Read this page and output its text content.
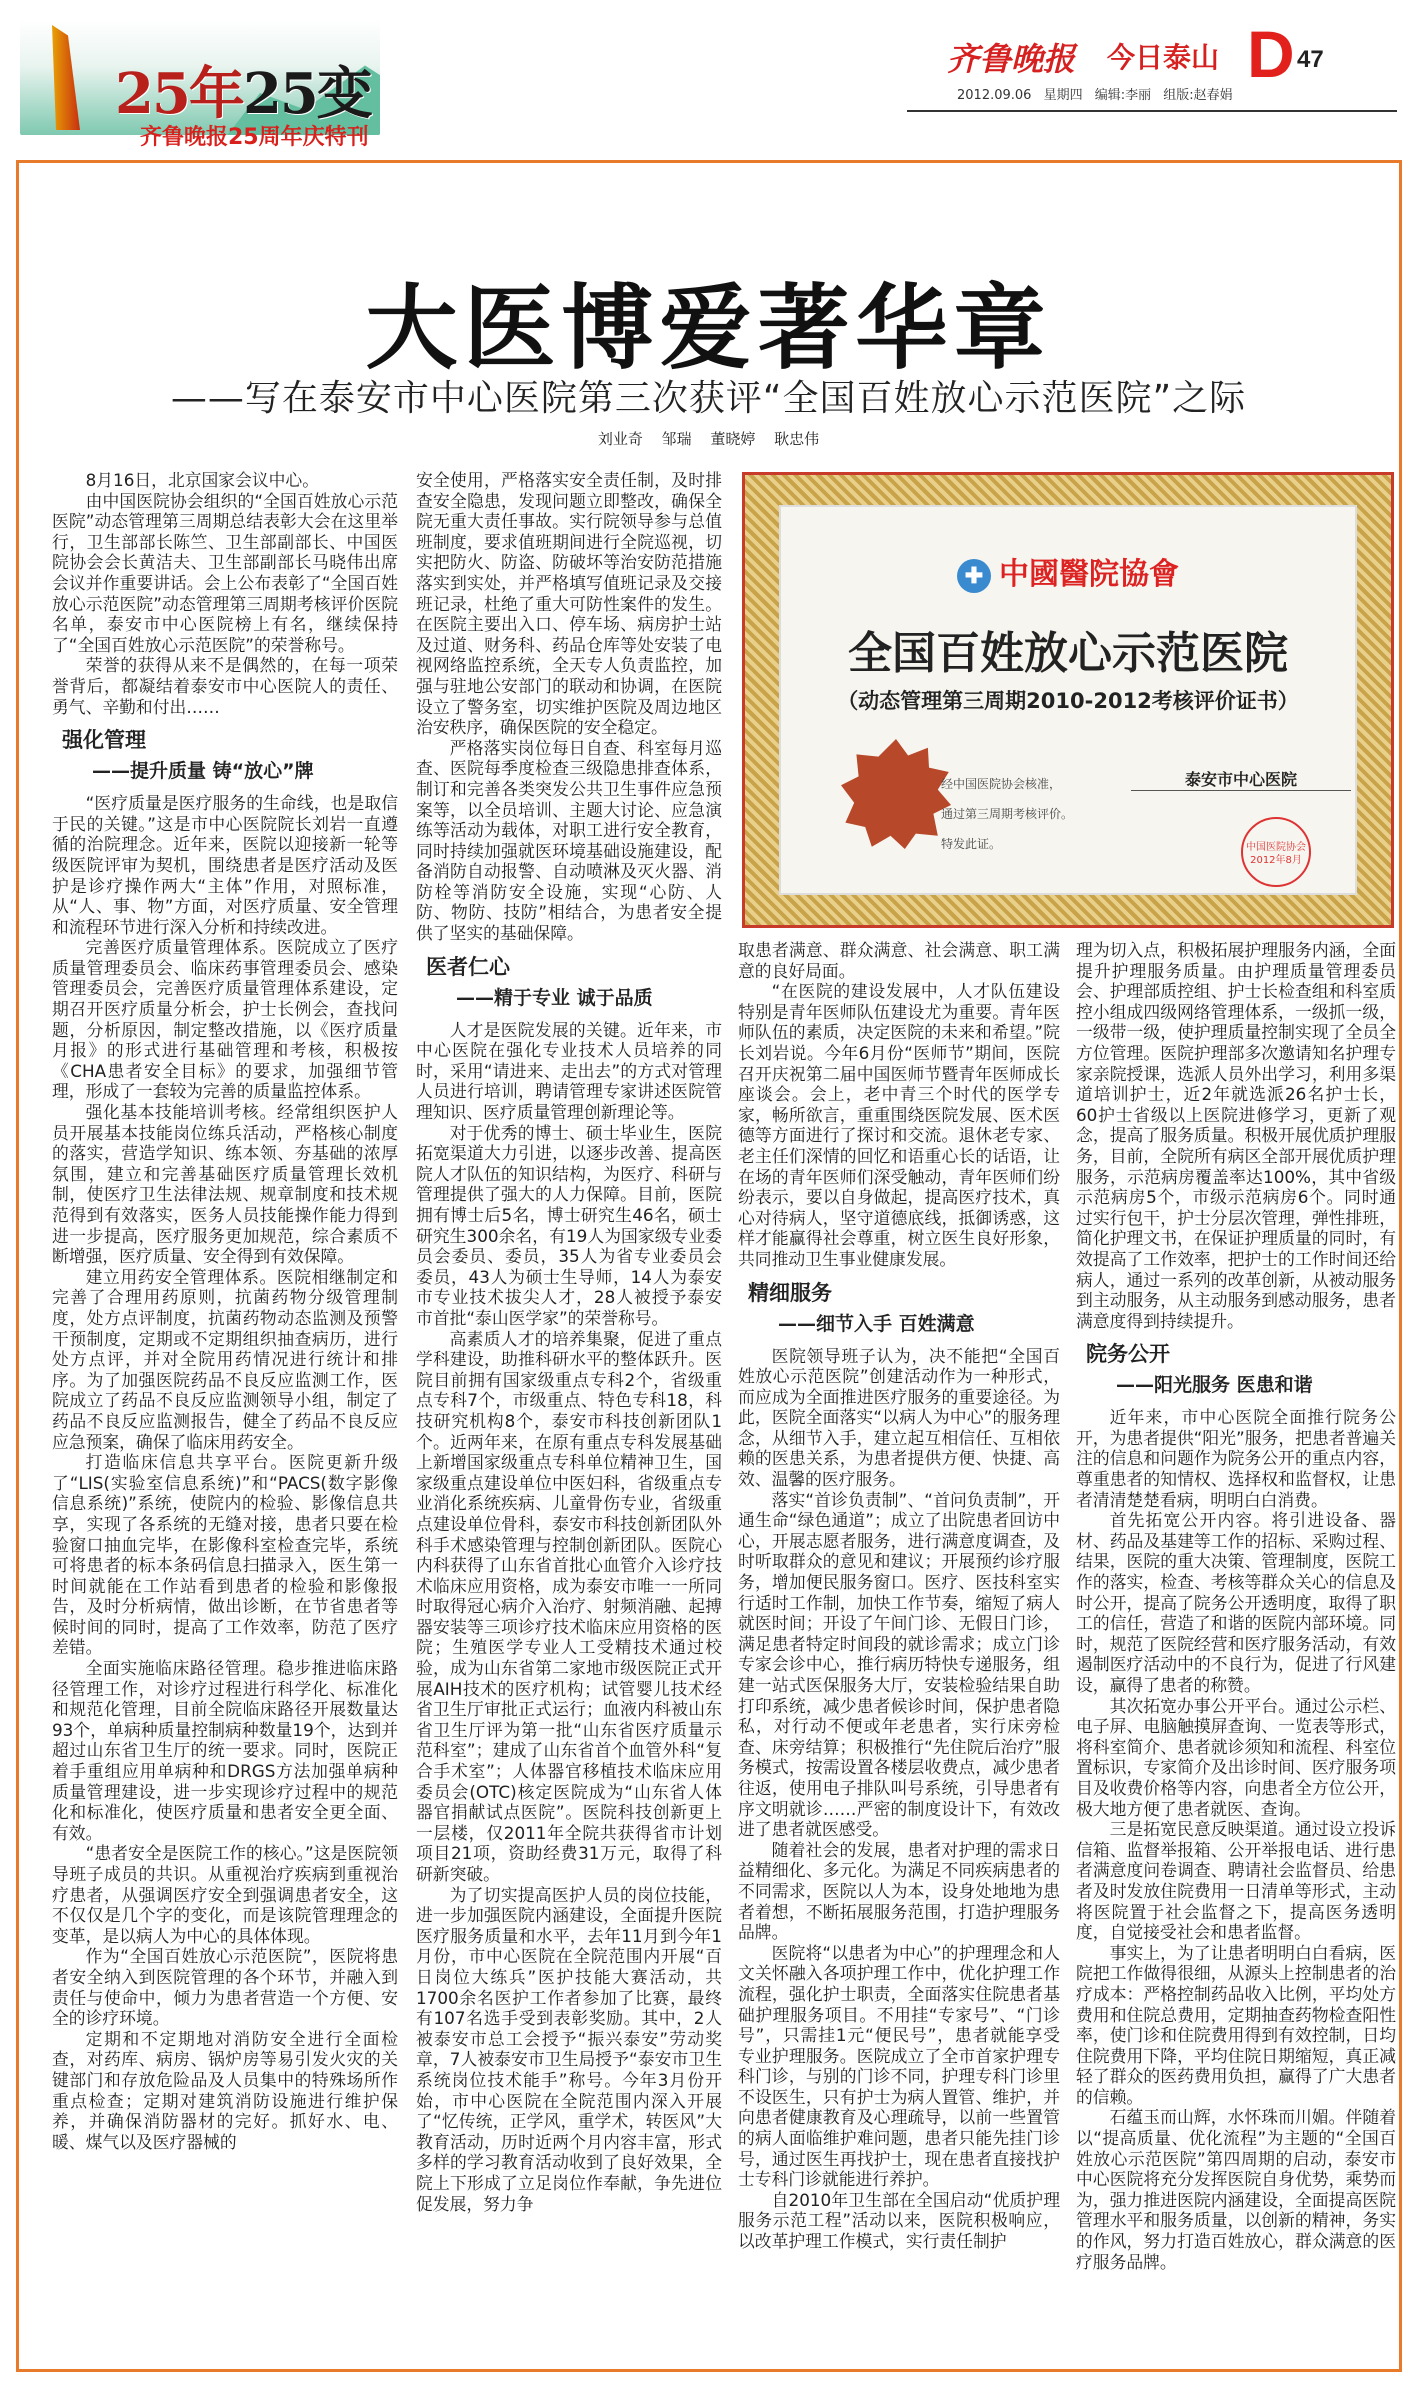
25年25变
齐鲁晚报25周年庆特刊
齐鲁晚报 今日泰山 D 47
2012.09.06 星期四 编辑:李丽 组版:赵春娟
大医博爱著华章
——写在泰安市中心医院第三次获评“全国百姓放心示范医院”之际
刘业奇 邹瑞 董晓婷 耿忠伟
✚ 中國醫院協會
全国百姓放心示范医院
（动态管理第三周期2010-2012考核评价证书）
经中国医院协会核准，
通过第三周期考核评价。
特发此证。
泰安市中心医院
中国医院协会 2012年8月

8月16日，北京国家会议中心。

由中国医院协会组织的“全国百姓放心示范医院”动态管理第三周期总结表彰大会在这里举行，卫生部部长陈竺、卫生部副部长、中国医院协会会长黄洁夫、卫生部副部长马晓伟出席会议并作重要讲话。会上公布表彰了“全国百姓放心示范医院”动态管理第三周期考核评价医院名单，泰安市中心医院榜上有名，继续保持了“全国百姓放心示范医院”的荣誉称号。

荣誉的获得从来不是偶然的，在每一项荣誉背后，都凝结着泰安市中心医院人的责任、勇气、辛勤和付出……

强化管理
——提升质量 铸“放心”牌

“医疗质量是医疗服务的生命线，也是取信于民的关键。”这是市中心医院院长刘岩一直遵循的治院理念。近年来，医院以迎接新一轮等级医院评审为契机，围绕患者是医疗活动及医护是诊疗操作两大“主体”作用，对照标准，从“人、事、物”方面，对医疗质量、安全管理和流程环节进行深入分析和持续改进。

完善医疗质量管理体系。医院成立了医疗质量管理委员会、临床药事管理委员会、感染管理委员会，完善医疗质量管理体系建设，定期召开医疗质量分析会，护士长例会，查找问题，分析原因，制定整改措施，以《医疗质量月报》的形式进行基础管理和考核，积极按《CHA患者安全目标》的要求，加强细节管理，形成了一套较为完善的质量监控体系。

强化基本技能培训考核。经常组织医护人员开展基本技能岗位练兵活动，严格核心制度的落实，营造学知识、练本领、夯基础的浓厚氛围，建立和完善基础医疗质量管理长效机制，使医疗卫生法律法规、规章制度和技术规范得到有效落实，医务人员技能操作能力得到进一步提高，医疗服务更加规范，综合素质不断增强，医疗质量、安全得到有效保障。

建立用药安全管理体系。医院相继制定和完善了合理用药原则，抗菌药物分级管理制度，处方点评制度，抗菌药物动态监测及预警干预制度，定期或不定期组织抽查病历，进行处方点评，并对全院用药情况进行统计和排序。为了加强医院药品不良反应监测工作，医院成立了药品不良反应监测领导小组，制定了药品不良反应监测报告，健全了药品不良反应应急预案，确保了临床用药安全。

打造临床信息共享平台。医院更新升级了“LIS(实验室信息系统)”和“PACS(数字影像信息系统)”系统，使院内的检验、影像信息共享，实现了各系统的无缝对接，患者只要在检验窗口抽血完毕，在影像科室检查完毕，系统可将患者的标本条码信息扫描录入，医生第一时间就能在工作站看到患者的检验和影像报告，及时分析病情，做出诊断，在节省患者等候时间的同时，提高了工作效率，防范了医疗差错。

全面实施临床路径管理。稳步推进临床路径管理工作，对诊疗过程进行科学化、标准化和规范化管理，目前全院临床路径开展数量达93个，单病种质量控制病种数量19个，达到并超过山东省卫生厅的统一要求。同时，医院正着手重组应用单病种和DRGS方法加强单病种质量管理建设，进一步实现诊疗过程中的规范化和标准化，使医疗质量和患者安全更全面、有效。

“患者安全是医院工作的核心。”这是医院领导班子成员的共识。从重视治疗疾病到重视治疗患者，从强调医疗安全到强调患者安全，这不仅仅是几个字的变化，而是该院管理理念的变革，是以病人为中心的具体体现。

作为“全国百姓放心示范医院”，医院将患者安全纳入到医院管理的各个环节，并融入到责任与使命中，倾力为患者营造一个方便、安全的诊疗环境。

定期和不定期地对消防安全进行全面检查，对药库、病房、锅炉房等易引发火灾的关键部门和存放危险品及人员集中的特殊场所作重点检查；定期对建筑消防设施进行维护保养，并确保消防器材的完好。抓好水、电、暖、煤气以及医疗器械的

安全使用，严格落实安全责任制，及时排查安全隐患，发现问题立即整改，确保全院无重大责任事故。实行院领导参与总值班制度，要求值班期间进行全院巡视，切实把防火、防盗、防破坏等治安防范措施落实到实处，并严格填写值班记录及交接班记录，杜绝了重大可防性案件的发生。在医院主要出入口、停车场、病房护士站及过道、财务科、药品仓库等处安装了电视网络监控系统，全天专人负责监控，加强与驻地公安部门的联动和协调，在医院设立了警务室，切实维护医院及周边地区治安秩序，确保医院的安全稳定。

严格落实岗位每日自查、科室每月巡查、医院每季度检查三级隐患排查体系，制订和完善各类突发公共卫生事件应急预案等，以全员培训、主题大讨论、应急演练等活动为载体，对职工进行安全教育，同时持续加强就医环境基础设施建设，配备消防自动报警、自动喷淋及灭火器、消防栓等消防安全设施，实现“心防、人防、物防、技防”相结合，为患者安全提供了坚实的基础保障。

医者仁心
——精于专业 诚于品质

人才是医院发展的关键。近年来，市中心医院在强化专业技术人员培养的同时，采用“请进来、走出去”的方式对管理人员进行培训，聘请管理专家讲述医院管理知识、医疗质量管理创新理论等。

对于优秀的博士、硕士毕业生，医院拓宽渠道大力引进，以逐步改善、提高医院人才队伍的知识结构，为医疗、科研与管理提供了强大的人力保障。目前，医院拥有博士后5名，博士研究生46名，硕士研究生300余名，有19人为国家级专业委员会委员、委员，35人为省专业委员会委员，43人为硕士生导师，14人为泰安市专业技术拔尖人才，28人被授予泰安市首批“泰山医学家”的荣誉称号。

高素质人才的培养集聚，促进了重点学科建设，助推科研水平的整体跃升。医院目前拥有国家级重点专科2个，省级重点专科7个，市级重点、特色专科18，科技研究机构8个，泰安市科技创新团队1个。近两年来，在原有重点专科发展基础上新增国家级重点专科单位精神卫生，国家级重点建设单位中医妇科，省级重点专业消化系统疾病、儿童骨伤专业，省级重点建设单位骨科，泰安市科技创新团队外科手术感染管理与控制创新团队。医院心内科获得了山东省首批心血管介入诊疗技术临床应用资格，成为泰安市唯一一所同时取得冠心病介入治疗、射频消融、起搏器安装等三项诊疗技术临床应用资格的医院；生殖医学专业人工受精技术通过校验，成为山东省第二家地市级医院正式开展AIH技术的医疗机构；试管婴儿技术经省卫生厅审批正式运行；血液内科被山东省卫生厅评为第一批“山东省医疗质量示范科室”；建成了山东省首个血管外科“复合手术室”；人体器官移植技术临床应用委员会(OTC)核定医院成为“山东省人体器官捐献试点医院”。医院科技创新更上一层楼，仅2011年全院共获得省市计划项目21项，资助经费31万元，取得了科研新突破。

为了切实提高医护人员的岗位技能，进一步加强医院内涵建设，全面提升医院医疗服务质量和水平，去年11月到今年1月份，市中心医院在全院范围内开展“百日岗位大练兵”医护技能大赛活动，共1700余名医护工作者参加了比赛，最终有107名选手受到表彰奖励。其中，2人被泰安市总工会授予“振兴泰安”劳动奖章，7人被泰安市卫生局授予“泰安市卫生系统岗位技术能手”称号。今年3月份开始，市中心医院在全院范围内深入开展了“忆传统，正学风，重学术，转医风”大教育活动，历时近两个月内容丰富，形式多样的学习教育活动收到了良好效果，全院上下形成了立足岗位作奉献，争先进位促发展，努力争

取患者满意、群众满意、社会满意、职工满意的良好局面。

“在医院的建设发展中，人才队伍建设特别是青年医师队伍建设尤为重要。青年医师队伍的素质，决定医院的未来和希望。”院长刘岩说。今年6月份“医师节”期间，医院召开庆祝第二届中国医师节暨青年医师成长座谈会。会上，老中青三个时代的医学专家，畅所欲言，重重围绕医院发展、医术医德等方面进行了探讨和交流。退休老专家、老主任们深情的回忆和语重心长的话语，让在场的青年医师们深受触动，青年医师们纷纷表示，要以自身做起，提高医疗技术，真心对待病人，坚守道德底线，抵御诱惑，这样才能赢得社会尊重，树立医生良好形象，共同推动卫生事业健康发展。

精细服务
——细节入手 百姓满意

医院领导班子认为，决不能把“全国百姓放心示范医院”创建活动作为一种形式，而应成为全面推进医疗服务的重要途径。为此，医院全面落实“以病人为中心”的服务理念，从细节入手，建立起互相信任、互相依赖的医患关系，为患者提供方便、快捷、高效、温馨的医疗服务。

落实“首诊负责制”、“首问负责制”，开通生命“绿色通道”；成立了出院患者回访中心，开展志愿者服务，进行满意度调查，及时听取群众的意见和建议；开展预约诊疗服务，增加便民服务窗口。医疗、医技科室实行适时工作制，加快工作节奏，缩短了病人就医时间；开设了午间门诊、无假日门诊，满足患者特定时间段的就诊需求；成立门诊专家会诊中心，推行病历特快专递服务，组建一站式医保服务大厅，安装检验结果自助打印系统，减少患者候诊时间，保护患者隐私，对行动不便或年老患者，实行床旁检查、床旁结算；积极推行“先住院后治疗”服务模式，按需设置各楼层收费点，减少患者往返，使用电子排队叫号系统，引导患者有序文明就诊……严密的制度设计下，有效改进了患者就医感受。

随着社会的发展，患者对护理的需求日益精细化、多元化。为满足不同疾病患者的不同需求，医院以人为本，设身处地地为患者着想，不断拓展服务范围，打造护理服务品牌。

医院将“以患者为中心”的护理理念和人文关怀融入各项护理工作中，优化护理工作流程，强化护士职责，全面落实住院患者基础护理服务项目。不用挂“专家号”、“门诊号”，只需挂1元“便民号”，患者就能享受专业护理服务。医院成立了全市首家护理专科门诊，与别的门诊不同，护理专科门诊里不设医生，只有护士为病人置管、维护，并向患者健康教育及心理疏导，以前一些置管的病人面临维护难问题，患者只能先挂门诊号，通过医生再找护士，现在患者直接找护士专科门诊就能进行养护。

自2010年卫生部在全国启动“优质护理服务示范工程”活动以来，医院积极响应，以改革护理工作模式，实行责任制护

理为切入点，积极拓展护理服务内涵，全面提升护理服务质量。由护理质量管理委员会、护理部质控组、护士长检查组和科室质控小组成四级网络管理体系，一级抓一级，一级带一级，使护理质量控制实现了全员全方位管理。医院护理部多次邀请知名护理专家亲院授课，选派人员外出学习，利用多渠道培训护士，近2年就选派26名护士长，60护士省级以上医院进修学习，更新了观念，提高了服务质量。积极开展优质护理服务，目前，全院所有病区全部开展优质护理服务，示范病房覆盖率达100%，其中省级示范病房5个，市级示范病房6个。同时通过实行包干，护士分层次管理，弹性排班，简化护理文书，在保证护理质量的同时，有效提高了工作效率，把护士的工作时间还给病人，通过一系列的改革创新，从被动服务到主动服务，从主动服务到感动服务，患者满意度得到持续提升。

院务公开
——阳光服务 医患和谐

近年来，市中心医院全面推行院务公开，为患者提供“阳光”服务，把患者普遍关注的信息和问题作为院务公开的重点内容，尊重患者的知情权、选择权和监督权，让患者清清楚楚看病，明明白白消费。

首先拓宽公开内容。将引进设备、器材、药品及基建等工作的招标、采购过程、结果，医院的重大决策、管理制度，医院工作的落实，检查、考核等群众关心的信息及时公开，提高了院务公开透明度，取得了职工的信任，营造了和谐的医院内部环境。同时，规范了医院经营和医疗服务活动，有效遏制医疗活动中的不良行为，促进了行风建设，赢得了患者的称赞。

其次拓宽办事公开平台。通过公示栏、电子屏、电脑触摸屏查询、一览表等形式，将科室简介、患者就诊须知和流程、科室位置标识，专家简介及出诊时间、医疗服务项目及收费价格等内容，向患者全方位公开，极大地方便了患者就医、查询。

三是拓宽民意反映渠道。通过设立投诉信箱、监督举报箱、公开举报电话、进行患者满意度问卷调查、聘请社会监督员、给患者及时发放住院费用一日清单等形式，主动将医院置于社会监督之下，提高医务透明度，自觉接受社会和患者监督。

事实上，为了让患者明明白白看病，医院把工作做得很细，从源头上控制患者的治疗成本：严格控制药品收入比例，平均处方费用和住院总费用，定期抽查药物检查阳性率，使门诊和住院费用得到有效控制，日均住院费用下降，平均住院日期缩短，真正减轻了群众的医药费用负担，赢得了广大患者的信赖。

石蕴玉而山辉，水怀珠而川媚。伴随着以“提高质量、优化流程”为主题的“全国百姓放心示范医院”第四周期的启动，泰安市中心医院将充分发挥医院自身优势，乘势而为，强力推进医院内涵建设，全面提高医院管理水平和服务质量，以创新的精神，务实的作风，努力打造百姓放心，群众满意的医疗服务品牌。
